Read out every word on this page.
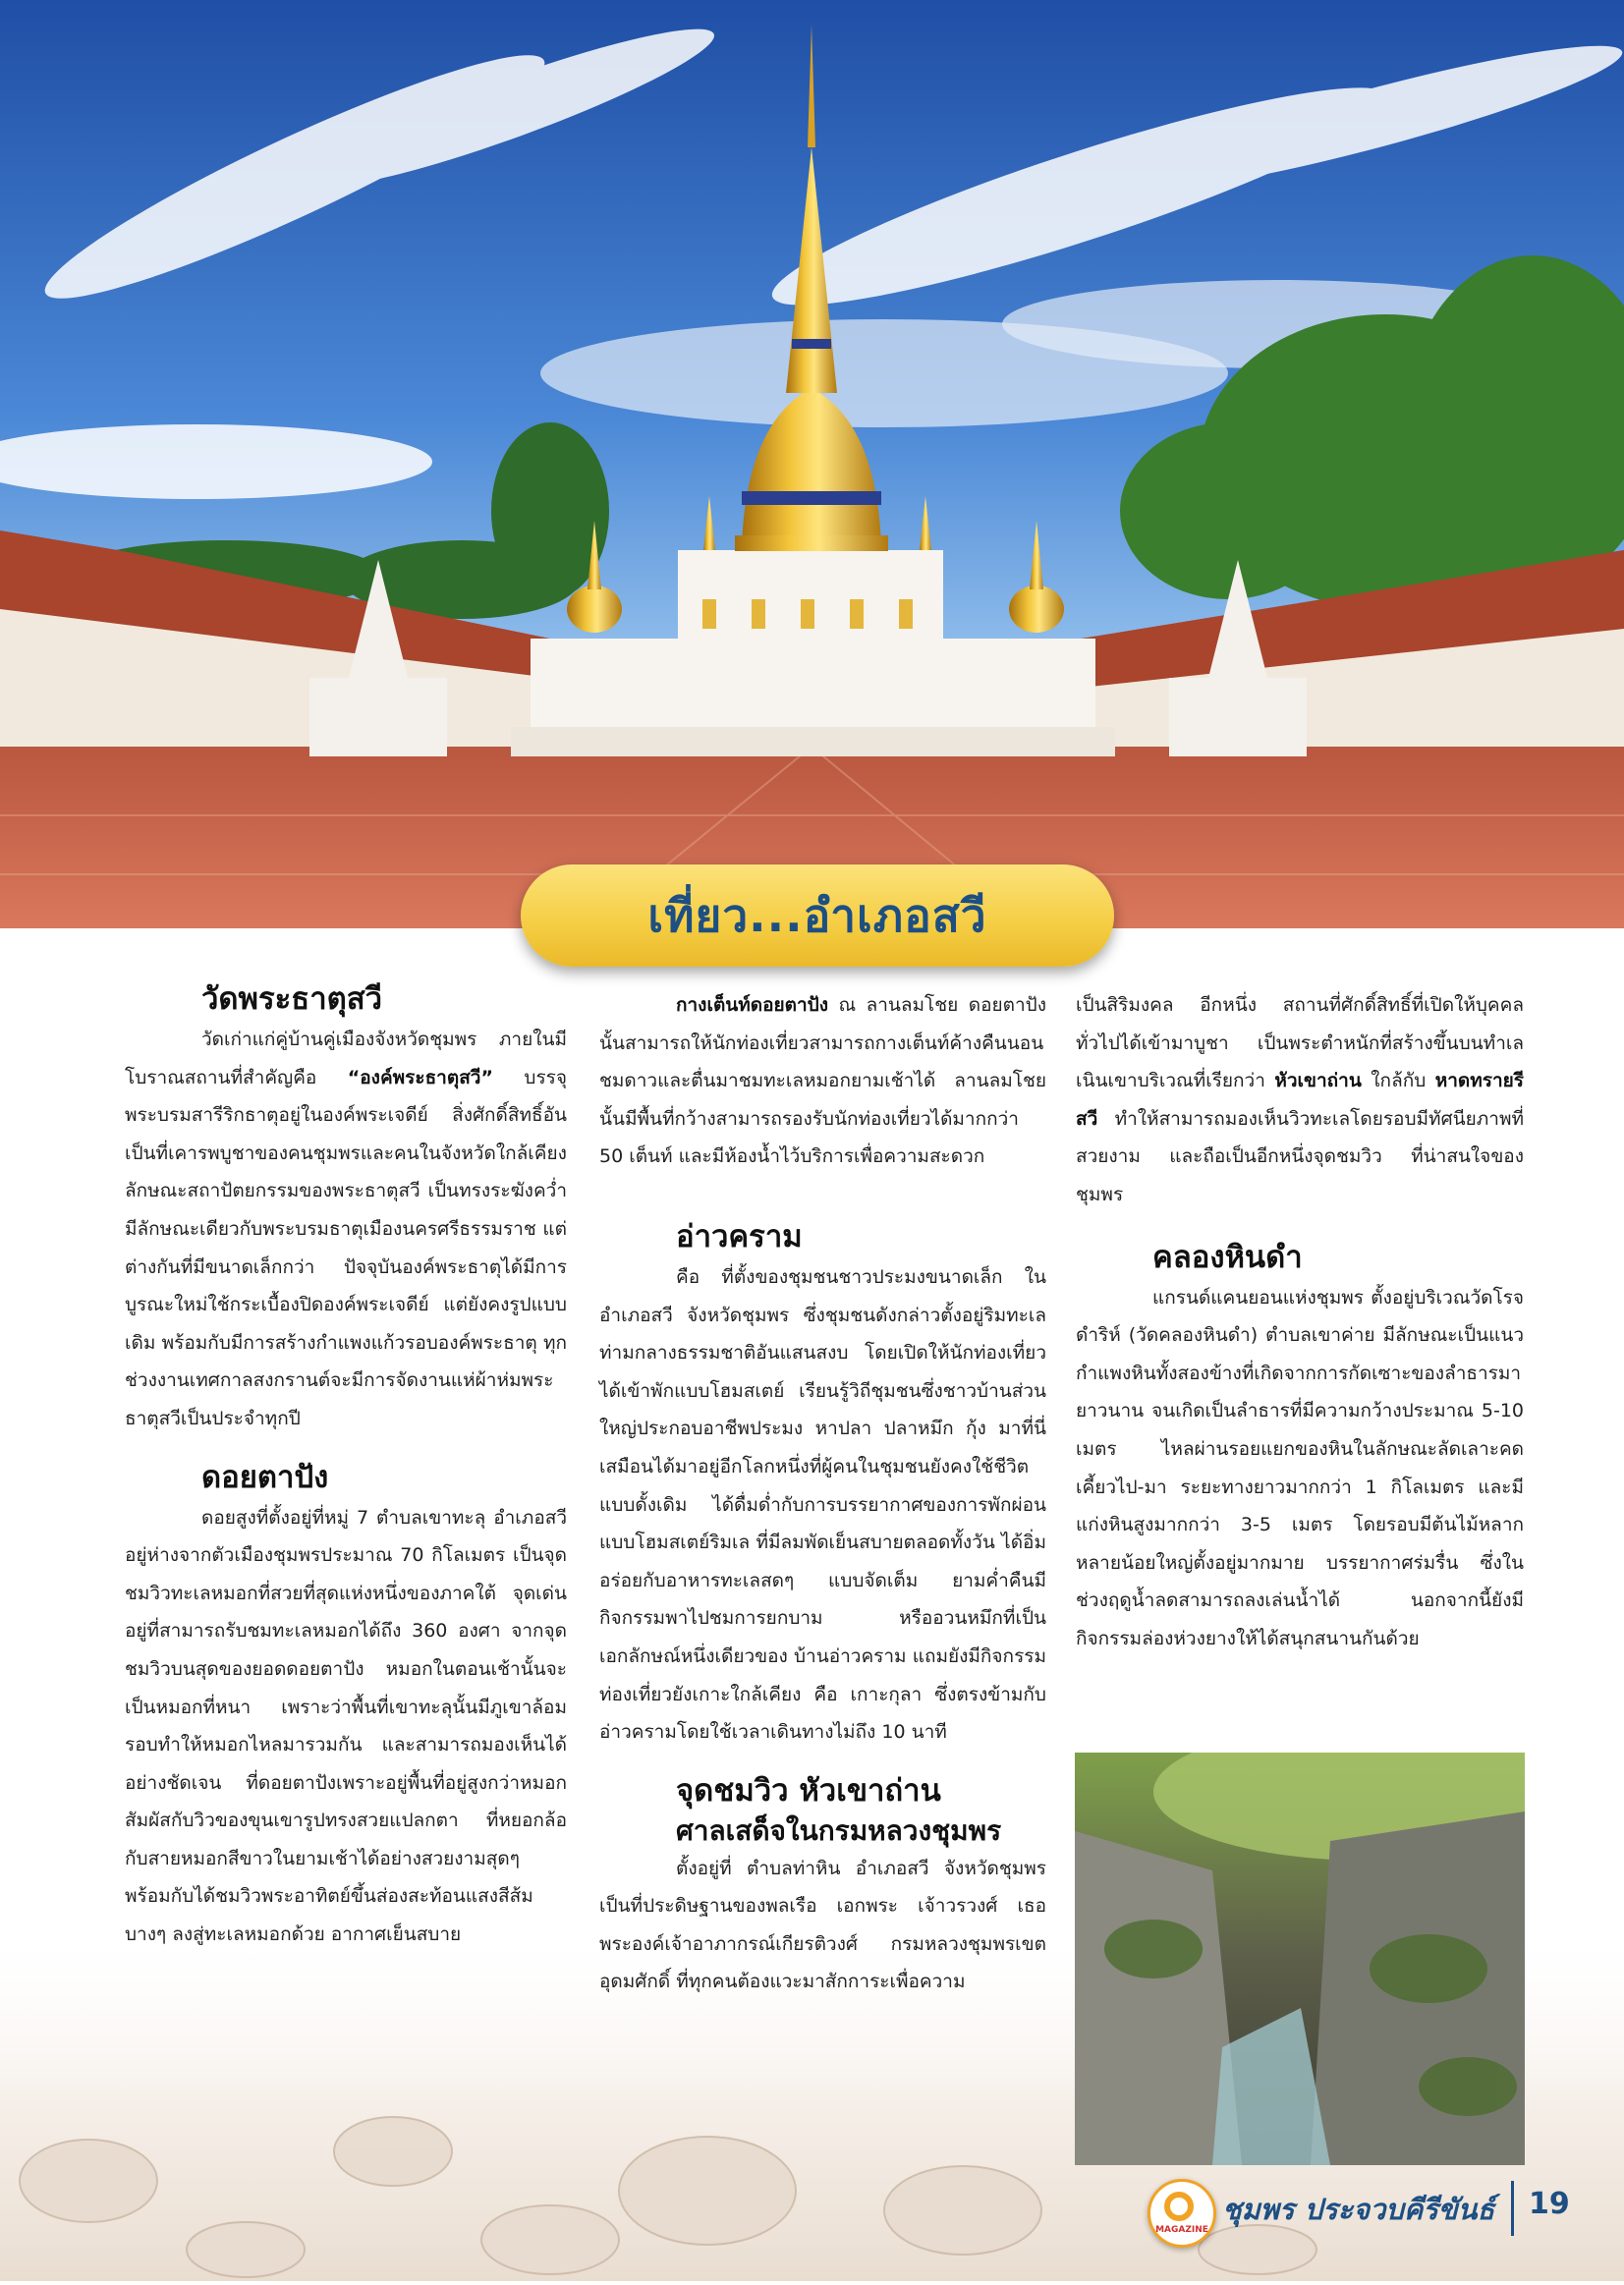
เที่ยว...อำเภอสวี
วัดพระธาตุสวี

วัดเก่าแก่คู่บ้านคู่เมืองจังหวัดชุมพร ภายในมีโบราณสถานที่สำคัญคือ “องค์พระธาตุสวี” บรรจุพระบรมสารีริกธาตุอยู่ในองค์พระเจดีย์ สิ่งศักดิ์สิทธิ์อันเป็นที่เคารพบูชาของคนชุมพรและคนในจังหวัดใกล้เคียง ลักษณะสถาปัตยกรรมของพระธาตุสวี เป็นทรงระฆังคว่ำ มีลักษณะเดียวกับพระบรมธาตุเมืองนครศรีธรรมราช แต่ต่างกันที่มีขนาดเล็กกว่า ปัจจุบันองค์พระธาตุได้มีการบูรณะใหม่ใช้กระเบื้องปิดองค์พระเจดีย์ แต่ยังคงรูปแบบเดิม พร้อมกับมีการสร้างกำแพงแก้วรอบองค์พระธาตุ ทุกช่วงงานเทศกาลสงกรานต์จะมีการจัดงานแห่ผ้าห่มพระธาตุสวีเป็นประจำทุกปี

ดอยตาปัง

ดอยสูงที่ตั้งอยู่ที่หมู่ 7 ตำบลเขาทะลุ อำเภอสวี อยู่ห่างจากตัวเมืองชุมพรประมาณ 70 กิโลเมตร เป็นจุดชมวิวทะเลหมอกที่สวยที่สุดแห่งหนึ่งของภาคใต้ จุดเด่นอยู่ที่สามารถรับชมทะเลหมอกได้ถึง 360 องศา จากจุดชมวิวบนสุดของยอดดอยตาปัง หมอกในตอนเช้านั้นจะเป็นหมอกที่หนา เพราะว่าพื้นที่เขาทะลุนั้นมีภูเขาล้อมรอบทำให้หมอกไหลมารวมกัน และสามารถมองเห็นได้อย่างชัดเจน ที่ดอยตาปังเพราะอยู่พื้นที่อยู่สูงกว่าหมอก สัมผัสกับวิวของขุนเขารูปทรงสวยแปลกตา ที่หยอกล้อกับสายหมอกสีขาวในยามเช้าได้อย่างสวยงามสุดๆ พร้อมกับได้ชมวิวพระอาทิตย์ขึ้นส่องสะท้อนแสงสีส้มบางๆ ลงสู่ทะเลหมอกด้วย อากาศเย็นสบาย

กางเต็นท์ดอยตาปัง ณ ลานลมโชย ดอยตาปัง นั้นสามารถให้นักท่องเที่ยวสามารถกางเต็นท์ค้างคืนนอนชมดาวและตื่นมาชมทะเลหมอกยามเช้าได้ ลานลมโชยนั้นมีพื้นที่กว้างสามารถรองรับนักท่องเที่ยวได้มากกว่า 50 เต็นท์ และมีห้องน้ำไว้บริการเพื่อความสะดวก

อ่าวคราม

คือ ที่ตั้งของชุมชนชาวประมงขนาดเล็ก ในอำเภอสวี จังหวัดชุมพร ซึ่งชุมชนดังกล่าวตั้งอยู่ริมทะเลท่ามกลางธรรมชาติอันแสนสงบ โดยเปิดให้นักท่องเที่ยวได้เข้าพักแบบโฮมสเตย์ เรียนรู้วิถีชุมชนซึ่งชาวบ้านส่วนใหญ่ประกอบอาชีพประมง หาปลา ปลาหมึก กุ้ง มาที่นี่เสมือนได้มาอยู่อีกโลกหนึ่งที่ผู้คนในชุมชนยังคงใช้ชีวิตแบบดั้งเดิม ได้ดื่มด่ำกับการบรรยากาศของการพักผ่อนแบบโฮมสเตย์ริมเล ที่มีลมพัดเย็นสบายตลอดทั้งวัน ได้อิ่มอร่อยกับอาหารทะเลสดๆ แบบจัดเต็ม ยามค่ำคืนมีกิจกรรมพาไปชมการยกบาม หรืออวนหมึกที่เป็นเอกลักษณ์หนึ่งเดียวของ บ้านอ่าวคราม แถมยังมีกิจกรรมท่องเที่ยวยังเกาะใกล้เคียง คือ เกาะกุลา ซึ่งตรงข้ามกับอ่าวครามโดยใช้เวลาเดินทางไม่ถึง 10 นาที

จุดชมวิว หัวเขาถ่าน
ศาลเสด็จในกรมหลวงชุมพร

ตั้งอยู่ที่ ตำบลท่าหิน อำเภอสวี จังหวัดชุมพร เป็นที่ประดิษฐานของพลเรือ เอกพระ เจ้าวรวงศ์ เธอ พระองค์เจ้าอาภากรณ์เกียรติวงศ์ กรมหลวงชุมพรเขตอุดมศักดิ์ ที่ทุกคนต้องแวะมาสักการะเพื่อความ

เป็นสิริมงคล อีกหนึ่ง สถานที่ศักดิ์สิทธิ์ที่เปิดให้บุคคลทั่วไปได้เข้ามาบูชา เป็นพระตำหนักที่สร้างขึ้นบนทำเลเนินเขาบริเวณที่เรียกว่า หัวเขาถ่าน ใกล้กับ หาดทรายรี สวี ทำให้สามารถมองเห็นวิวทะเลโดยรอบมีทัศนียภาพที่สวยงาม และถือเป็นอีกหนึ่งจุดชมวิว ที่น่าสนใจของชุมพร

คลองหินดำ

แกรนด์แคนยอนแห่งชุมพร ตั้งอยู่บริเวณวัดโรจดำริห์ (วัดคลองหินดำ) ตำบลเขาค่าย มีลักษณะเป็นแนวกำแพงหินทั้งสองข้างที่เกิดจากการกัดเซาะของลำธารมายาวนาน จนเกิดเป็นลำธารที่มีความกว้างประมาณ 5-10 เมตร ไหลผ่านรอยแยกของหินในลักษณะลัดเลาะคดเคี้ยวไป-มา ระยะทางยาวมากกว่า 1 กิโลเมตร และมีแก่งหินสูงมากกว่า 3-5 เมตร โดยรอบมีต้นไม้หลากหลายน้อยใหญ่ตั้งอยู่มากมาย บรรยากาศร่มรื่น ซึ่งในช่วงฤดูน้ำลดสามารถลงเล่นน้ำได้ นอกจากนี้ยังมีกิจกรรมล่องห่วงยางให้ได้สนุกสนานกันด้วย

MAGAZINE
ชุมพร ประจวบคีรีขันธ์ 19
